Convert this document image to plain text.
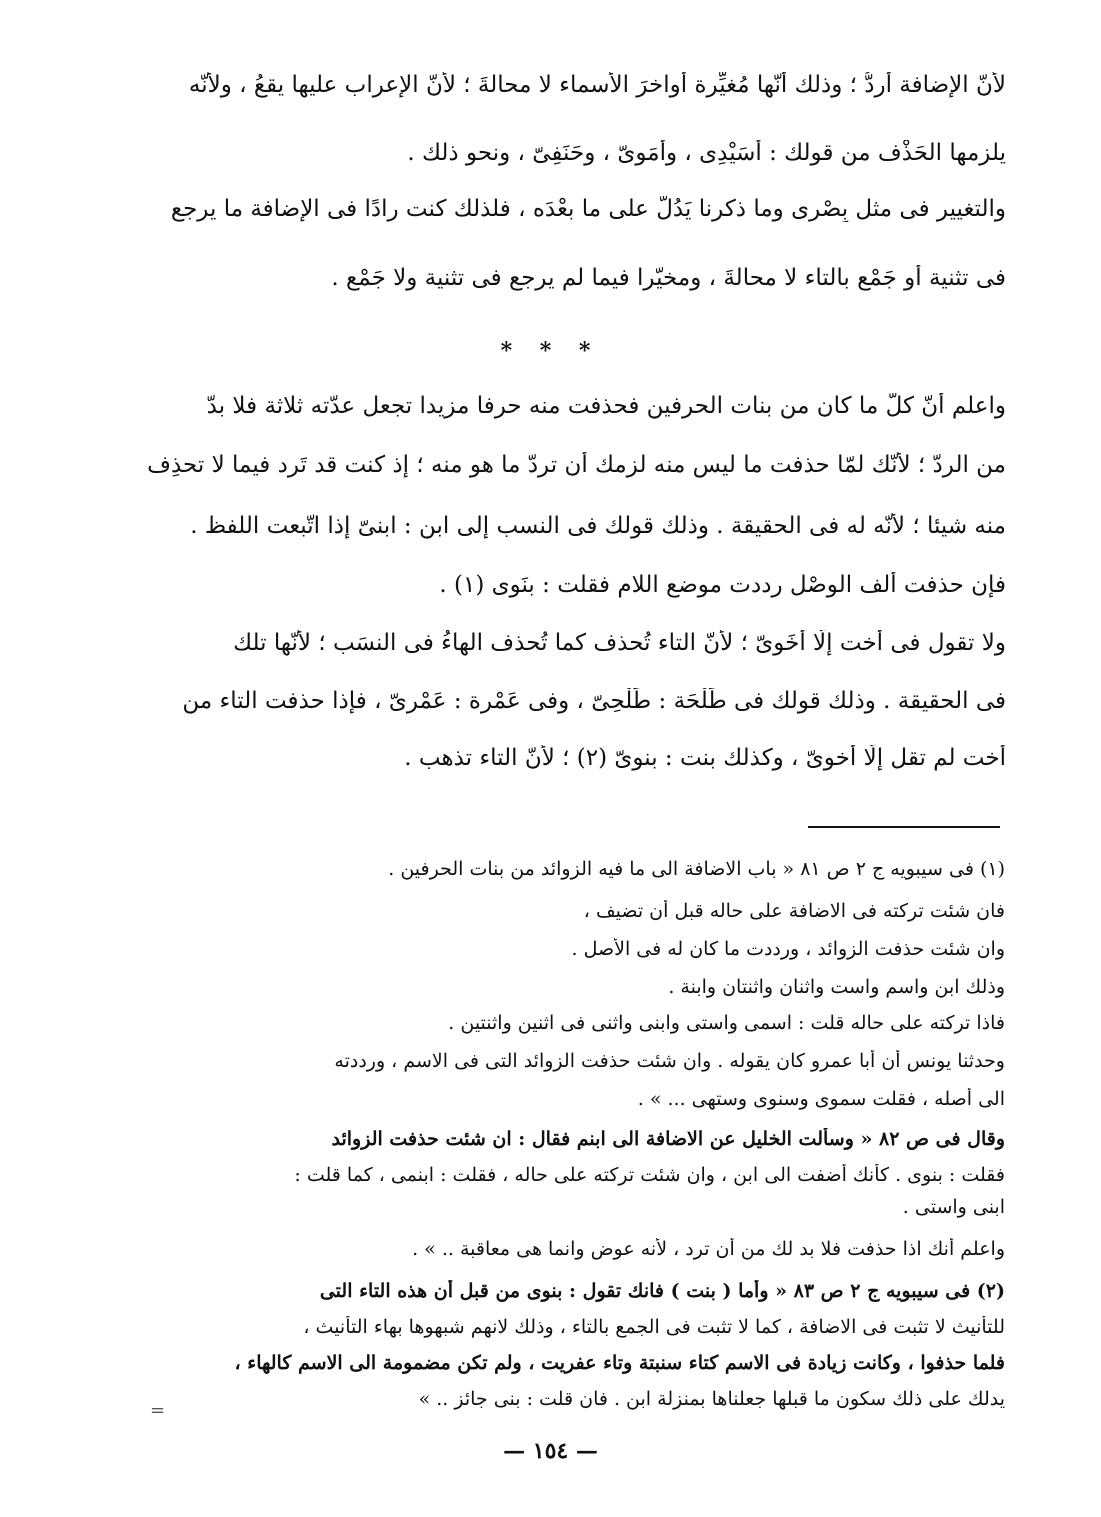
لأنّ الإضافة أردُّ ؛ وذلك أنّها مُغيِّرة أواخرَ الأسماء لا محالةَ ؛ لأنّ الإعراب عليها يقعُ ، ولأنّه
يلزمها الحَذْف من قولك : أُسَيْدِى ، وأُمَوِىّ ، وحَنَفِىّ ، ونحو ذلك .
والتغيير فى مثل بِصْرِى وما ذكرنا يَدُلُّ على ما بعْدَه ، فلذلك كنت رادًا فى الإضافة ما يرجع
فى تثنية أو جَمْع بالتاء لا محالةَ ، ومخيّرا فيما لم يرجع فى تثنية ولا جَمْع .
واعلم أنّ كلّ ما كان من بنات الحرفين فحذفت منه حرفا مزيدا تجعل عدّته ثلاثة فلا بدّ
من الردّ ؛ لأنّك لمّا حذفت ما ليس منه لزمك أن تردّ ما هو منه ؛ إذ كنت قد تَرد فيما لا تحذِف
منه شيئا ؛ لأنّه له فى الحقيقة . وذلك قولك فى النسب إلى ابن : ابنىّ إذا اتّبعت اللفظ .
فإن حذفت ألف الوصْل رددت موضع اللام فقلت : بنَوِى (١) .
ولا تقول فى أخت إلّا أَخَوِىّ ؛ لأنّ التاء تُحذف كما تُحذف الهاءُ فى النسَب ؛ لأنّها تلك
فى الحقيقة . وذلك قولك فى طَلْحَة : طَلْحِىّ ، وفى عَمْرة : عَمْرِىّ ، فإذا حذفت التاء من
أخت لم تقل إلّا أخوىّ ، وكذلك بنت : بنوىّ (٢) ؛ لأنّ التاء تذهب .
* * *
(١) فى سيبويه ج ٢ ص ٨١ « باب الاضافة الى ما فيه الزوائد من بنات الحرفين .
فان شئت تركته فى الاضافة على حاله قبل أن تضيف ،
وان شئت حذفت الزوائد ، ورددت ما كان له فى الأصل .
وذلك ابن واسم واست واثنان واثنتان وابنة .
فاذا تركته على حاله قلت : اسمى واستى وابنى واثنى فى اثنين واثنتين .
وحدثنا يونس أن أبا عمرو كان يقوله . وان شئت حذفت الزوائد التى فى الاسم ، ورددته
الى أصله ، فقلت سموى وسنوى وستهى ... » .
وقال فى ص ٨٢ « وسألت الخليل عن الاضافة الى ابنم فقال : ان شئت حذفت الزوائد
فقلت : بنوى . كأنك أضفت الى ابن ، وان شئت تركته على حاله ، فقلت : ابنمى ، كما قلت :
ابنى واستى .
واعلم أنك اذا حذفت فلا بد لك من أن ترد ، لأنه عوض وانما هى معاقبة .. » .
(٢) فى سيبويه ج ٢ ص ٨٣ « وأما ( بنت ) فانك تقول : بنوى من قبل أن هذه التاء التى
للتأنيث لا تثبت فى الاضافة ، كما لا تثبت فى الجمع بالتاء ، وذلك لانهم شبهوها بهاء التأنيث ،
فلما حذفوا ، وكانت زيادة فى الاسم كتاء سنبتة وتاء عفريت ، ولم تكن مضمومة الى الاسم كالهاء ،
يدلك على ذلك سكون ما قبلها جعلناها بمنزلة ابن . فان قلت : بنى جائز .. »
=
— ١٥٤ —
